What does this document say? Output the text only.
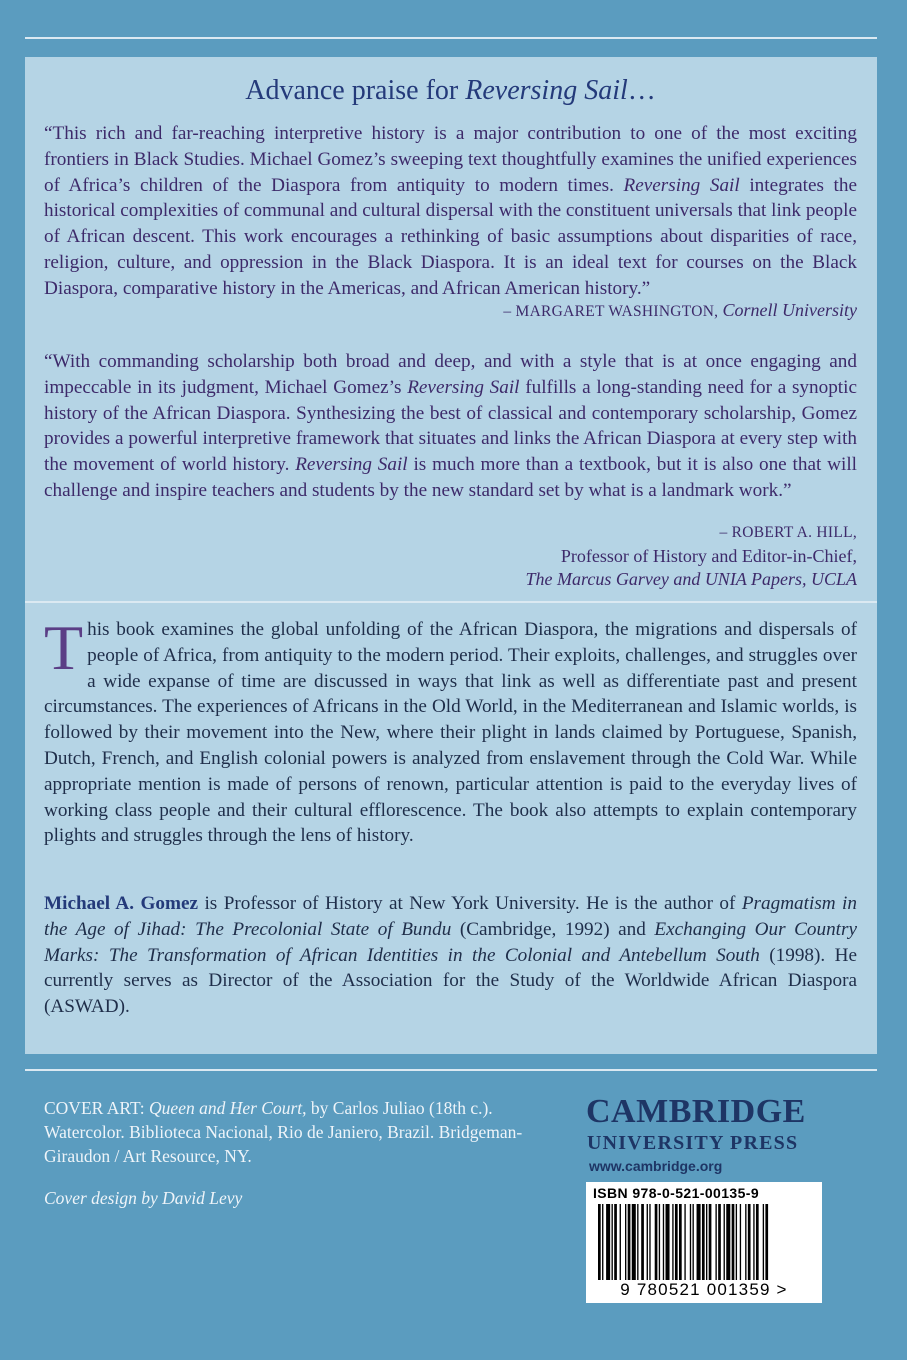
Advance praise for Reversing Sail…

“This rich and far-reaching interpretive history is a major contribution to one of the most exciting frontiers in Black Studies. Michael Gomez’s sweeping text thoughtfully examines the unified experiences of Africa’s children of the Diaspora from antiquity to modern times. Reversing Sail integrates the historical complexities of communal and cultural dispersal with the constituent universals that link people of African descent. This work encourages a rethinking of basic assumptions about disparities of race, religion, culture, and oppression in the Black Diaspora. It is an ideal text for courses on the Black Diaspora, comparative history in the Americas, and African American history.”

– MARGARET WASHINGTON, Cornell University

“With commanding scholarship both broad and deep, and with a style that is at once engaging and impeccable in its judgment, Michael Gomez’s Reversing Sail fulfills a long-standing need for a synoptic history of the African Diaspora. Synthesizing the best of classical and contemporary scholarship, Gomez provides a powerful interpretive framework that situates and links the African Diaspora at every step with the movement of world history. Reversing Sail is much more than a textbook, but it is also one that will challenge and inspire teachers and students by the new standard set by what is a landmark work.”

– ROBERT A. HILL,
Professor of History and Editor-in-Chief,
The Marcus Garvey and UNIA Papers, UCLA

This book examines the global unfolding of the African Diaspora, the migrations and dispersals of people of Africa, from antiquity to the modern period. Their exploits, challenges, and struggles over a wide expanse of time are discussed in ways that link as well as differentiate past and present circumstances. The experiences of Africans in the Old World, in the Mediterranean and Islamic worlds, is followed by their movement into the New, where their plight in lands claimed by Portuguese, Spanish, Dutch, French, and English colonial powers is analyzed from enslavement through the Cold War. While appropriate mention is made of persons of renown, particular attention is paid to the everyday lives of working class people and their cultural efflorescence. The book also attempts to explain contemporary plights and struggles through the lens of history.

Michael A. Gomez is Professor of History at New York University. He is the author of Pragmatism in the Age of Jihad: The Precolonial State of Bundu (Cambridge, 1992) and Exchanging Our Country Marks: The Transformation of African Identities in the Colonial and Antebellum South (1998). He currently serves as Director of the Association for the Study of the Worldwide African Diaspora (ASWAD).

COVER ART: Queen and Her Court, by Carlos Juliao (18th c.). Watercolor. Biblioteca Nacional, Rio de Janiero, Brazil. Bridgeman-Giraudon / Art Resource, NY.

Cover design by David Levy
CAMBRIDGE
UNIVERSITY PRESS
www.cambridge.org
ISBN 978-0-521-00135-9
9 780521 001359 >
